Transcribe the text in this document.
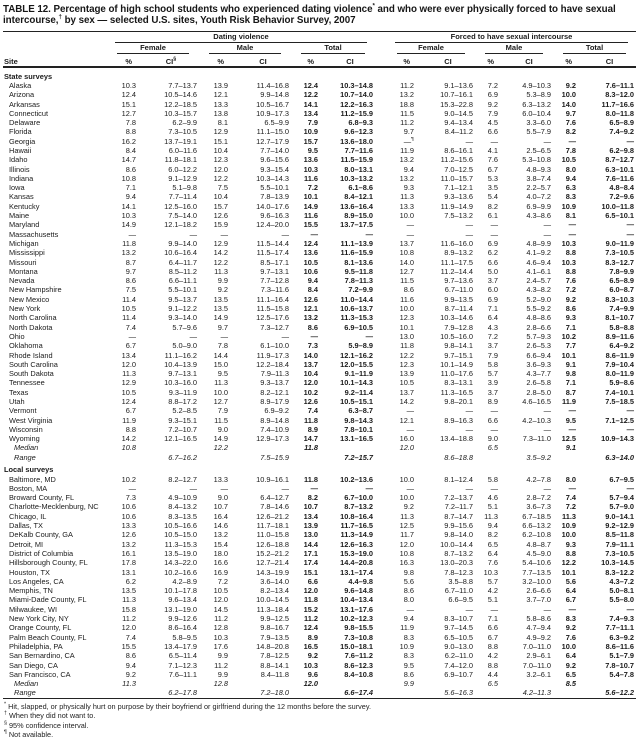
TABLE 12. Percentage of high school students who experienced dating violence* and who were ever physically forced to have sexual intercourse,† by sex — selected U.S. sites, Youth Risk Behavior Survey, 2007

	Dating violence							Forced to have sexual intercourse					

	Female		Male		Total			Female		Male		Total	

Site	%	CI§	%	CI	%	CI		%	CI	%	CI	%	CI
State surveys													
Alaska	10.3	7.7–13.7	13.9	11.4–16.8	12.4	10.3–14.8		11.2	9.1–13.6	7.2	4.9–10.3	9.2	7.6–11.1
Arizona	12.4	10.5–14.6	12.1	9.9–14.8	12.2	10.7–14.0		13.2	10.7–16.1	6.9	5.3–8.9	10.0	8.3–12.0
Arkansas	15.1	12.2–18.5	13.3	10.5–16.7	14.1	12.2–16.3		18.8	15.3–22.8	9.2	6.3–13.2	14.0	11.7–16.6
Connecticut	12.7	10.3–15.7	13.8	10.9–17.3	13.4	11.2–15.9		11.5	9.0–14.5	7.9	6.0–10.4	9.7	8.0–11.8
Delaware	7.8	6.2–9.9	8.1	6.5–9.9	7.9	6.8–9.3		11.2	9.4–13.4	4.5	3.3–6.0	7.6	6.5–8.9
Florida	8.8	7.3–10.5	12.9	11.1–15.0	10.9	9.6–12.3		9.7	8.4–11.2	6.6	5.5–7.9	8.2	7.4–9.2
Georgia	16.2	13.7–19.1	15.1	12.7–17.9	15.7	13.6–18.0		—¶	—	—	—	—	—
Hawaii	8.4	6.0–11.6	10.4	7.7–14.0	9.5	7.7–11.6		11.9	8.6–16.1	4.1	2.5–6.5	7.8	6.2–9.8
Idaho	14.7	11.8–18.1	12.3	9.6–15.6	13.6	11.5–15.9		13.2	11.2–15.6	7.6	5.3–10.8	10.5	8.7–12.7
Illinois	8.6	6.0–12.2	12.0	9.3–15.4	10.3	8.0–13.1		9.4	7.0–12.5	6.7	4.8–9.3	8.0	6.3–10.1
Indiana	10.8	9.1–12.9	12.2	10.3–14.3	11.6	10.3–13.2		13.2	11.0–15.7	5.3	3.8–7.4	9.4	7.6–11.6
Iowa	7.1	5.1–9.8	7.5	5.5–10.1	7.2	6.1–8.6		9.3	7.1–12.1	3.5	2.2–5.7	6.3	4.8–8.4
Kansas	9.4	7.7–11.4	10.4	7.8–13.9	10.1	8.4–12.1		11.3	9.3–13.6	5.4	4.0–7.2	8.3	7.2–9.6
Kentucky	14.1	12.5–16.0	15.7	14.0–17.6	14.9	13.6–16.4		13.3	11.9–14.9	8.2	6.9–9.9	10.9	10.0–11.8
Maine	10.3	7.5–14.0	12.6	9.6–16.3	11.6	8.9–15.0		10.0	7.5–13.2	6.1	4.3–8.6	8.1	6.5–10.1
Maryland	14.9	12.1–18.2	15.9	12.4–20.0	15.5	13.7–17.5		—	—	—	—	—	—
Massachusetts	—	—	—	—	—	—		—	—	—	—	—	—
Michigan	11.8	9.9–14.0	12.9	11.5–14.4	12.4	11.1–13.9		13.7	11.6–16.0	6.9	4.8–9.9	10.3	9.0–11.9
Mississippi	13.2	10.6–16.4	14.2	11.5–17.4	13.6	11.6–15.9		10.8	8.9–13.2	6.2	4.1–9.2	8.8	7.3–10.5
Missouri	8.7	6.4–11.7	12.2	8.5–17.1	10.5	8.1–13.6		14.0	11.1–17.5	6.6	4.6–9.4	10.3	8.3–12.7
Montana	9.7	8.5–11.2	11.3	9.7–13.1	10.6	9.5–11.8		12.7	11.2–14.4	5.0	4.1–6.1	8.8	7.8–9.9
Nevada	8.6	6.6–11.1	9.9	7.7–12.8	9.4	7.8–11.3		11.5	9.7–13.6	3.7	2.4–5.7	7.6	6.5–8.9
New Hampshire	7.5	5.5–10.1	9.2	7.3–11.6	8.4	7.2–9.9		8.6	6.7–11.0	6.0	4.3–8.2	7.2	6.0–8.7
New Mexico	11.4	9.5–13.7	13.5	11.1–16.4	12.6	11.0–14.4		11.6	9.9–13.5	6.9	5.2–9.0	9.2	8.3–10.3
New York	10.5	9.1–12.2	13.5	11.5–15.8	12.1	10.6–13.7		10.0	8.7–11.4	7.1	5.5–9.2	8.6	7.4–9.9
North Carolina	11.4	9.3–14.0	14.9	12.5–17.6	13.2	11.3–15.3		12.3	10.3–14.6	6.4	4.8–8.6	9.3	8.1–10.7
North Dakota	7.4	5.7–9.6	9.7	7.3–12.7	8.6	6.9–10.5		10.1	7.9–12.8	4.3	2.8–6.6	7.1	5.8–8.8
Ohio	—	—	—	—	—	—		13.0	10.5–16.0	7.2	5.7–9.3	10.2	8.9–11.6
Oklahoma	6.7	5.0–9.0	7.8	6.1–10.0	7.3	5.9–8.9		11.8	9.8–14.1	3.7	2.6–5.3	7.7	6.4–9.2
Rhode Island	13.4	11.1–16.2	14.4	11.9–17.3	14.0	12.1–16.2		12.2	9.7–15.1	7.9	6.6–9.4	10.1	8.6–11.9
South Carolina	12.0	10.4–13.9	15.0	12.2–18.4	13.7	12.0–15.5		12.3	10.1–14.9	5.8	3.6–9.3	9.1	7.9–10.4
South Dakota	11.3	9.7–13.1	9.5	7.9–11.3	10.4	9.1–11.9		13.9	11.0–17.6	5.7	4.3–7.7	9.8	8.0–11.9
Tennessee	12.9	10.3–16.0	11.3	9.3–13.7	12.0	10.1–14.3		10.5	8.3–13.1	3.9	2.6–5.8	7.1	5.9–8.6
Texas	10.5	9.3–11.9	10.0	8.2–12.1	10.2	9.2–11.4		13.7	11.3–16.5	3.7	2.8–5.0	8.7	7.4–10.1
Utah	12.4	8.8–17.2	12.7	8.9–17.9	12.6	10.5–15.1		14.2	9.8–20.1	8.9	4.6–16.5	11.9	7.5–18.5
Vermont	6.7	5.2–8.5	7.9	6.9–9.2	7.4	6.3–8.7		—	—	—	—	—	—
West Virginia	11.9	9.3–15.1	11.5	8.9–14.8	11.8	9.8–14.3		12.1	8.9–16.3	6.6	4.2–10.3	9.5	7.1–12.5
Wisconsin	8.8	7.2–10.7	9.0	7.4–10.9	8.9	7.8–10.1		—	—	—	—	—	—
Wyoming	14.2	12.1–16.5	14.9	12.9–17.3	14.7	13.1–16.5		16.0	13.4–18.8	9.0	7.3–11.0	12.5	10.9–14.3
Median	10.8		12.2		11.8			12.0		6.5		9.1	
Range		6.7–16.2		7.5–15.9		7.2–15.7			8.6–18.8		3.5–9.2		6.3–14.0
Local surveys													
Baltimore, MD	10.2	8.2–12.7	13.3	10.9–16.1	11.8	10.2–13.6		10.0	8.1–12.4	5.8	4.2–7.8	8.0	6.7–9.5
Boston, MA	—	—	—	—	—	—		—	—	—	—	—	—
Broward County, FL	7.3	4.9–10.9	9.0	6.4–12.7	8.2	6.7–10.0		10.0	7.2–13.7	4.6	2.8–7.2	7.4	5.7–9.4
Charlotte-Mecklenburg, NC	10.6	8.4–13.2	10.7	7.8–14.6	10.7	8.7–13.2		9.2	7.2–11.7	5.1	3.6–7.3	7.2	5.7–9.0
Chicago, IL	10.6	8.3–13.5	16.4	12.6–21.2	13.4	10.8–16.4		11.3	8.7–14.7	11.3	6.7–18.5	11.3	9.0–14.1
Dallas, TX	13.3	10.5–16.6	14.6	11.7–18.1	13.9	11.7–16.5		12.5	9.9–15.6	9.4	6.6–13.2	10.9	9.2–12.9
DeKalb County, GA	12.6	10.5–15.0	13.2	11.0–15.8	13.0	11.3–14.9		11.7	9.8–14.0	8.2	6.2–10.8	10.0	8.5–11.8
Detroit, MI	13.2	11.3–15.3	15.4	12.6–18.8	14.4	12.6–16.3		12.0	10.0–14.4	6.5	4.8–8.7	9.3	7.9–11.1
District of Columbia	16.1	13.5–19.0	18.0	15.2–21.2	17.1	15.3–19.0		10.8	8.7–13.2	6.4	4.5–9.0	8.8	7.3–10.5
Hillsborough County, FL	17.8	14.3–22.0	16.6	12.7–21.4	17.4	14.4–20.8		16.3	13.0–20.3	7.6	5.4–10.6	12.2	10.3–14.5
Houston, TX	13.1	10.2–16.6	16.9	14.3–19.9	15.1	13.1–17.4		9.8	7.8–12.3	10.3	7.7–13.5	10.1	8.3–12.2
Los Angeles, CA	6.2	4.2–8.9	7.2	3.6–14.0	6.6	4.4–9.8		5.6	3.5–8.8	5.7	3.2–10.0	5.6	4.3–7.2
Memphis, TN	13.5	10.1–17.8	10.5	8.2–13.4	12.0	9.6–14.8		8.6	6.7–11.0	4.2	2.6–6.6	6.4	5.0–8.1
Miami-Dade County, FL	11.3	9.6–13.4	12.0	10.0–14.5	11.8	10.4–13.4		8.0	6.6–9.5	5.1	3.7–7.0	6.7	5.5–8.0
Milwaukee, WI	15.8	13.1–19.0	14.5	11.3–18.4	15.2	13.1–17.6		—	—	—	—	—	—
New York City, NY	11.2	9.9–12.6	11.2	9.9–12.5	11.2	10.2–12.3		9.4	8.3–10.7	7.1	5.8–8.6	8.3	7.4–9.3
Orange County, FL	12.0	8.6–16.4	12.8	9.8–16.7	12.4	9.8–15.5		11.9	9.7–14.5	6.6	4.7–9.4	9.2	7.7–11.1
Palm Beach County, FL	7.4	5.8–9.5	10.3	7.9–13.5	8.9	7.3–10.8		8.3	6.5–10.5	6.7	4.9–9.2	7.6	6.3–9.2
Philadelphia, PA	15.5	13.4–17.9	17.6	14.8–20.8	16.5	15.0–18.1		10.9	9.0–13.0	8.8	7.0–11.0	10.0	8.6–11.6
San Bernardino, CA	8.6	6.5–11.4	9.9	7.8–12.5	9.2	7.6–11.2		8.3	6.2–11.0	4.2	2.9–6.1	6.4	5.1–7.9
San Diego, CA	9.4	7.1–12.3	11.2	8.8–14.1	10.3	8.6–12.3		9.5	7.4–12.0	8.8	7.0–11.0	9.2	7.8–10.7
San Francisco, CA	9.2	7.6–11.1	9.9	8.4–11.8	9.6	8.4–10.8		8.6	6.9–10.7	4.4	3.2–6.1	6.5	5.4–7.8
Median	11.3		12.8		12.0			9.9		6.5		8.5	
Range		6.2–17.8		7.2–18.0		6.6–17.4			5.6–16.3		4.2–11.3		5.6–12.2
* Hit, slapped, or physically hurt on purpose by their boyfriend or girlfriend during the 12 months before the survey.
† When they did not want to.
§ 95% confidence interval.
¶ Not available.
